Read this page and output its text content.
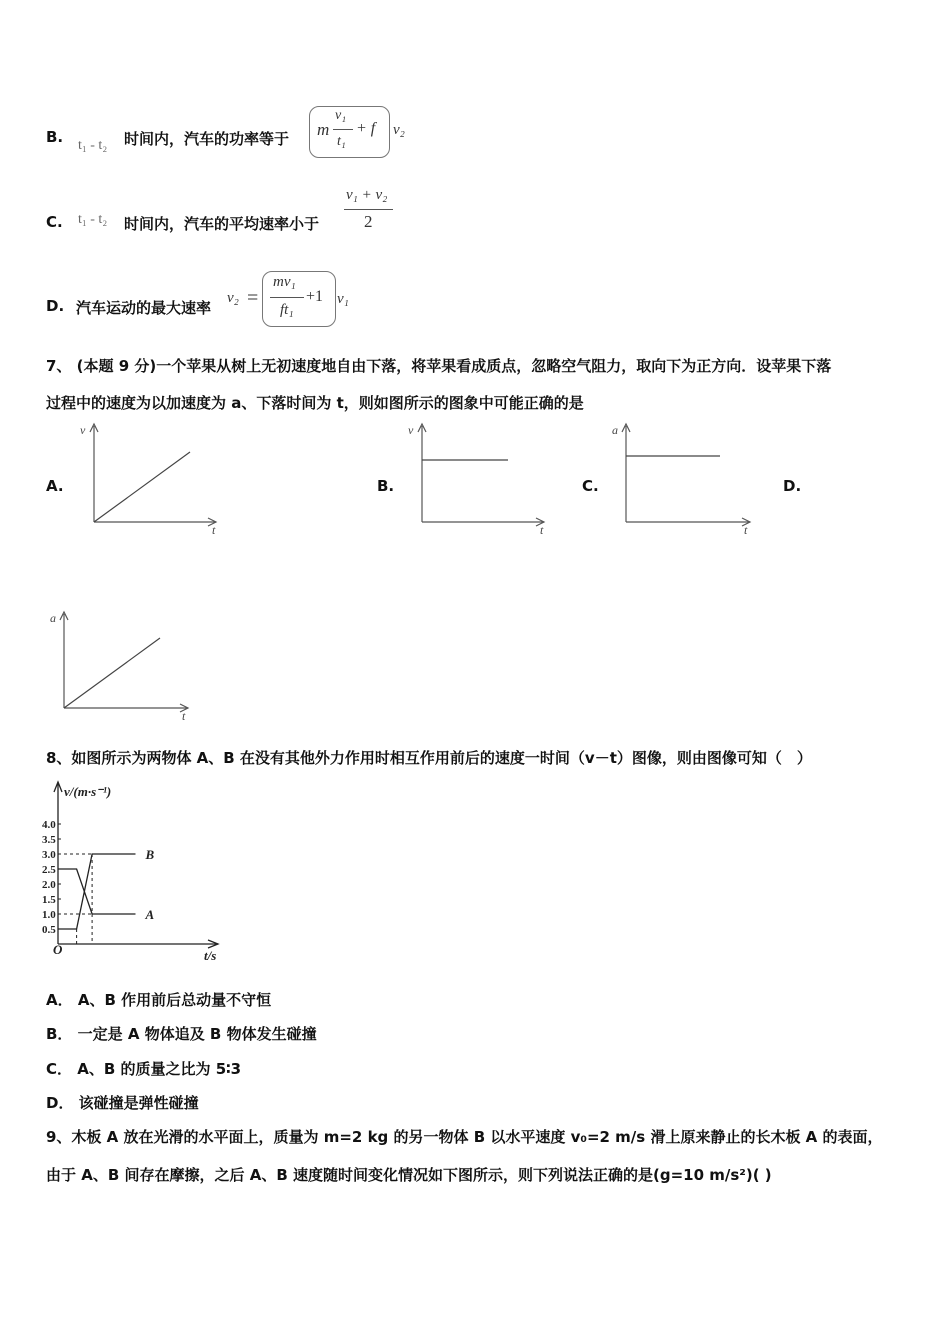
B. t₁ - t₂ 时间内，汽车的功率等于 m
v₁
t₁
+ f v₂
C. t₁ - t₂ 时间内，汽车的平均速率小于
v₁ + v₂
2
D. 汽车运动的最大速率
v₂ =
mv₁
ft₁
+1 v₁
7、 (本题 9 分)一个苹果从树上无初速度地自由下落，将苹果看成质点，忽略空气阻力，取向下为正方向．设苹果下落
过程中的速度为以加速度为 a、下落时间为 t，则如图所示的图象中可能正确的是
A.	B.	C.	D.
v
t
v
t
a
t
a
t
8、如图所示为两物体 A、B 在没有其他外力作用时相互作用前后的速度一时间（v－t）图像，则由图像可知（　）
0.5
1.0
1.5
2.0
2.5
3.0
3.5
4.0
v/(m·s⁻¹)
t/s
O
A
B
A． A、B 作用前后总动量不守恒
B． 一定是 A 物体追及 B 物体发生碰撞
C． A、B 的质量之比为 5∶3
D． 该碰撞是弹性碰撞
9、木板 A 放在光滑的水平面上，质量为 m=2 kg 的另一物体 B 以水平速度 v₀=2 m/s 滑上原来静止的长木板 A 的表面，
由于 A、B 间存在摩擦，之后 A、B 速度随时间变化情况如下图所示，则下列说法正确的是(g=10 m/s²)( )
